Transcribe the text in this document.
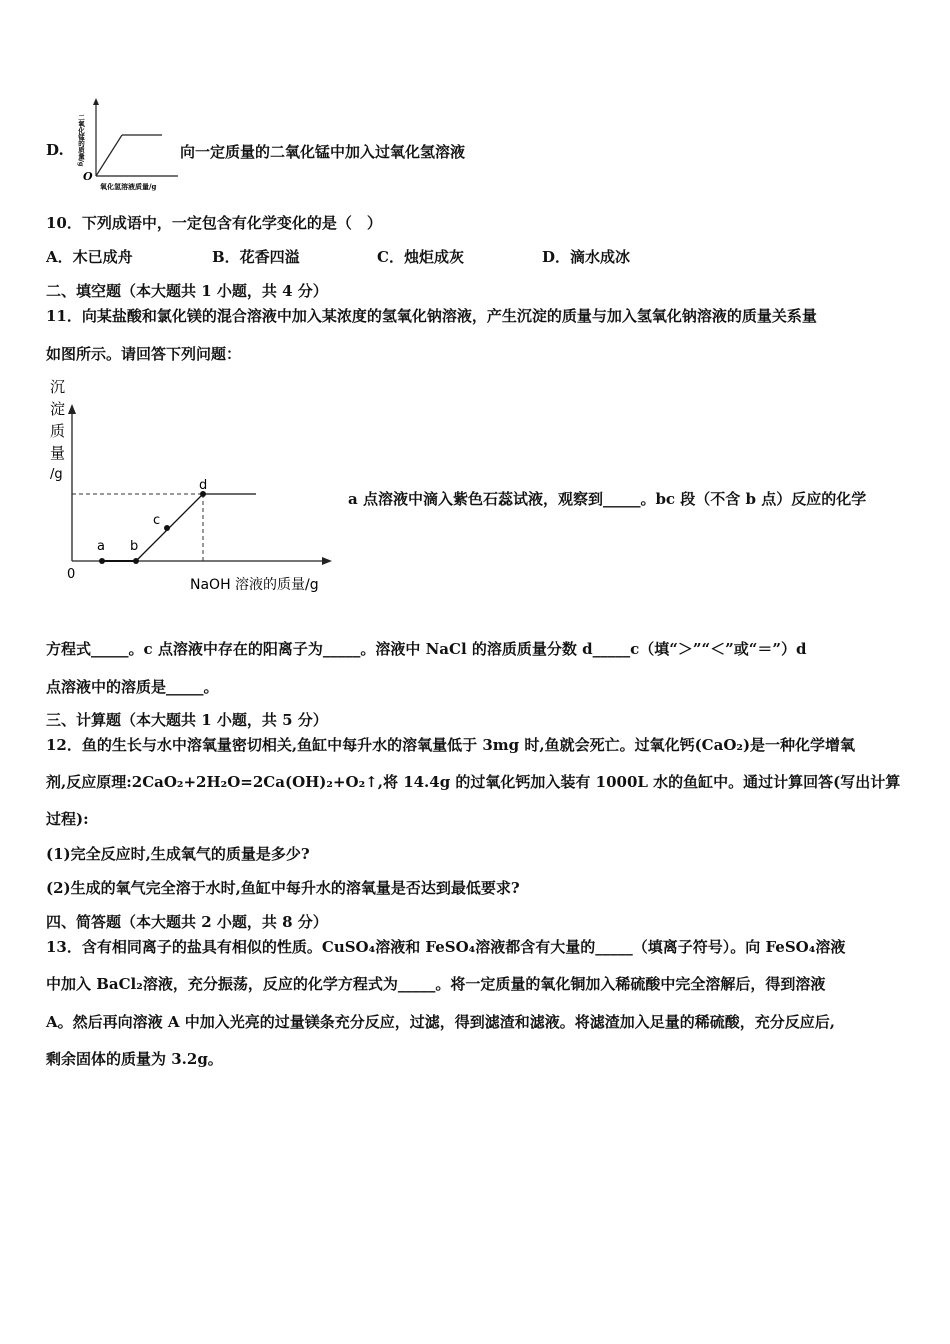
D.
O
氧化氢溶液质量/g
二氧化锰的质量/g	向一定质量的二氧化锰中加入过氧化氢溶液
10．下列成语中，一定包含有化学变化的是（　）
A．木已成舟	B．花香四溢	C．烛炬成灰	D．滴水成冰
二、填空题（本大题共 1 小题，共 4 分）
11．向某盐酸和氯化镁的混合溶液中加入某浓度的氢氧化钠溶液，产生沉淀的质量与加入氢氧化钠溶液的质量关系量
如图所示。请回答下列问题：
沉
淀
质
量
/g
a b
c
d
0
NaOH 溶液的质量/g
a 点溶液中滴入紫色石蕊试液，观察到_____。bc 段（不含 b 点）反应的化学
方程式_____。c 点溶液中存在的阳离子为_____。溶液中 NaCl 的溶质质量分数 d_____c（填“＞”“＜”或“＝”）d
点溶液中的溶质是_____。
三、计算题（本大题共 1 小题，共 5 分）
12．鱼的生长与水中溶氧量密切相关,鱼缸中每升水的溶氧量低于 3mg 时,鱼就会死亡。过氧化钙(CaO₂)是一种化学增氧
剂,反应原理:2CaO₂+2H₂O=2Ca(OH)₂+O₂↑,将 14.4g 的过氧化钙加入装有 1000L 水的鱼缸中。通过计算回答(写出计算
过程):
(1)完全反应时,生成氧气的质量是多少?
(2)生成的氧气完全溶于水时,鱼缸中每升水的溶氧量是否达到最低要求?
四、简答题（本大题共 2 小题，共 8 分）
13．含有相同离子的盐具有相似的性质。CuSO₄溶液和 FeSO₄溶液都含有大量的_____（填离子符号）。向 FeSO₄溶液
中加入 BaCl₂溶液，充分振荡，反应的化学方程式为_____。将一定质量的氧化铜加入稀硫酸中完全溶解后，得到溶液
A。然后再向溶液 A 中加入光亮的过量镁条充分反应，过滤，得到滤渣和滤液。将滤渣加入足量的稀硫酸，充分反应后,
剩余固体的质量为 3.2g。
